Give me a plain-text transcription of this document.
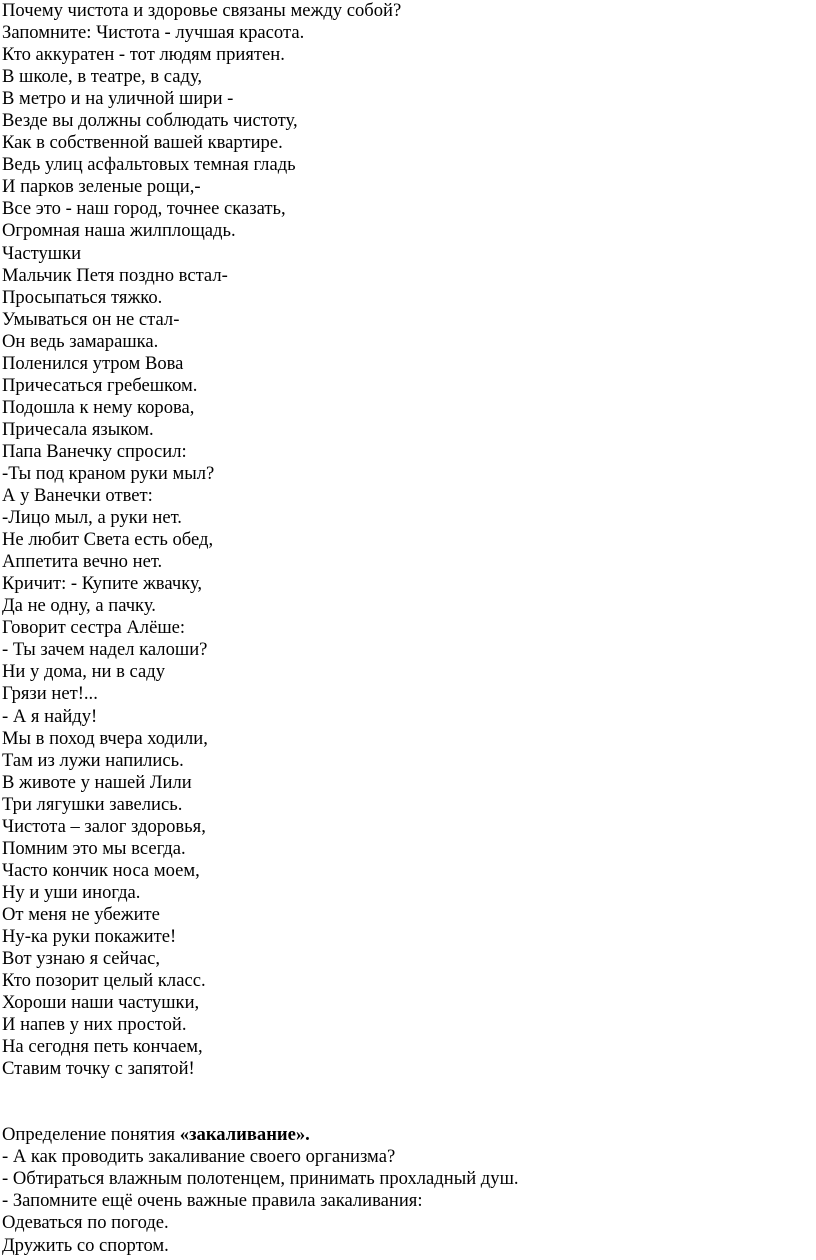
Почему чистота и здоровье связаны между собой?
Запомните: Чистота - лучшая красота.
Кто аккуратен - тот людям приятен.
В школе, в театре, в саду,
В метро и на уличной шири -
Везде вы должны соблюдать чистоту,
Как в собственной вашей квартире.
Ведь улиц асфальтовых темная гладь
И парков зеленые рощи,-
Все это - наш город, точнее сказать,
Огромная наша жилплощадь.
Частушки
Мальчик Петя поздно встал-
Просыпаться тяжко.
Умываться он не стал-
Он ведь замарашка.
Поленился утром Вова
Причесаться гребешком.
Подошла к нему корова,
Причесала языком.
Папа Ванечку спросил:
-Ты под краном руки мыл?
А у Ванечки ответ:
-Лицо мыл, а руки нет.
Не любит Света есть обед,
Аппетита вечно нет.
Кричит: - Купите жвачку,
Да не одну, а пачку.
Говорит сестра Алёше:
- Ты зачем надел калоши?
Ни у дома, ни в саду
Грязи нет!...
- А я найду!
Мы в поход вчера ходили,
Там из лужи напились.
В животе у нашей Лили
Три лягушки завелись.
Чистота – залог здоровья,
Помним это мы всегда.
Часто кончик носа моем,
Ну и уши иногда.
От меня не убежите
Ну-ка руки покажите!
Вот узнаю я сейчас,
Кто позорит целый класс.
Хороши наши частушки,
И напев у них простой.
На сегодня петь кончаем,
Ставим точку с запятой!
Определение понятия «закаливание».
- А как проводить закаливание своего организма?
- Обтираться влажным полотенцем, принимать прохладный душ.
- Запомните ещё очень важные правила закаливания:
Одеваться по погоде.
Дружить со спортом.
